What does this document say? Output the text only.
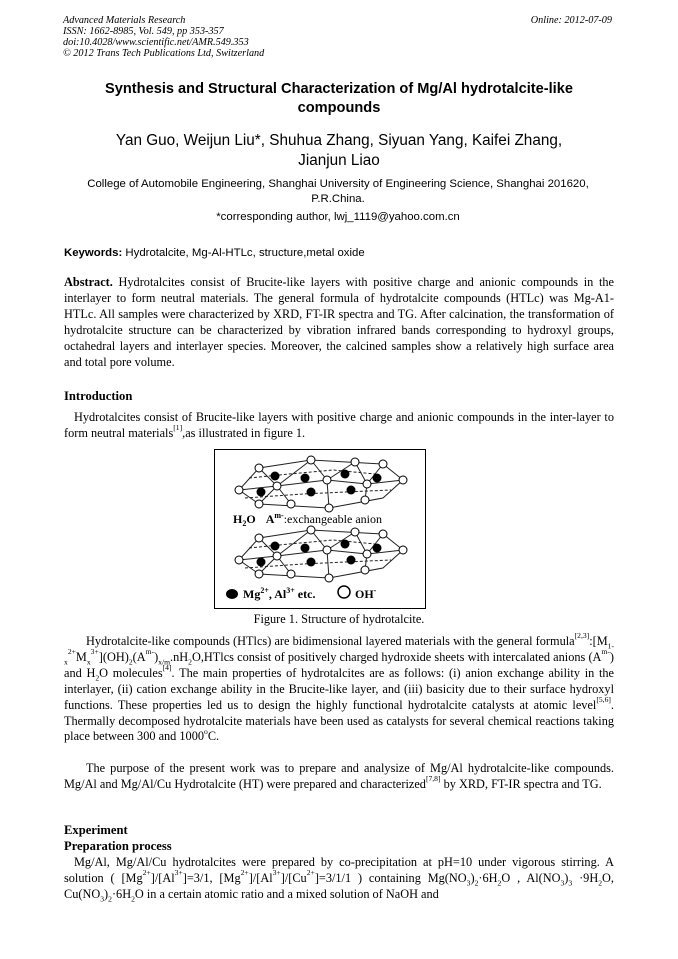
Advanced Materials Research
ISSN: 1662-8985, Vol. 549, pp 353-357
doi:10.4028/www.scientific.net/AMR.549.353
© 2012 Trans Tech Publications Ltd, Switzerland
Online: 2012-07-09
Synthesis and Structural Characterization of Mg/Al hydrotalcite-like
compounds
Yan Guo, Weijun Liu*, Shuhua Zhang, Siyuan Yang, Kaifei Zhang,
Jianjun Liao
College of Automobile Engineering, Shanghai University of Engineering Science, Shanghai 201620,
P.R.China.
*corresponding author, lwj_1119@yahoo.com.cn
Keywords: Hydrotalcite, Mg-Al-HTLc, structure,metal oxide
Abstract. Hydrotalcites consist of Brucite-like layers with positive charge and anionic compounds in the interlayer to form neutral materials. The general formula of hydrotalcite compounds (HTLc) was Mg-A1-HTLc. All samples were characterized by XRD, FT-IR spectra and TG. After calcination, the transformation of hydrotalcite structure can be characterized by vibration infrared bands corresponding to hydroxyl groups, octahedral layers and interlayer species. Moreover, the calcined samples show a relatively high surface area and total pore volume.
Introduction
Hydrotalcites consist of Brucite-like layers with positive charge and anionic compounds in the inter-layer to form neutral materials[1],as illustrated in figure 1.
$H_2O$ $A^{m-}:exchangeable$ anion
$Mg^{2+}$, $Al^{3+}$ etc.	OH-
Figure 1. Structure of hydrotalcite.
Hydrotalcite-like compounds (HTlcs) are bidimensional layered materials with the general $formula[2,3]:[M_{1-x}^{2+}M_x^{3+}](OH)_2(A^{m-})_{x/m}.nH_2O,HTlcs$ consist of positively charged hydroxide sheets with intercalated anions $(A^{m-})$ and $H_2O$ molecules[4]. The main properties of hydrotalcites are as follows: (i) anion exchange ability in the interlayer, (ii) cation exchange ability in the Brucite-like layer, and (iii) basicity due to their surface hydroxyl functions. These properties led us to design the highly functional hydrotalcite catalysts at atomic level[5,6]. Thermally decomposed hydrotalcite materials have been used as catalysts for several chemical reactions taking place between 300 and 1000$^o$C.
The purpose of the present work was to prepare and analysize of Mg/Al hydrotalcite-like compounds. Mg/Al and Mg/Al/Cu Hydrotalcite (HT) were prepared and characterized[7,8] by XRD, FT-IR spectra and TG.
Experiment
Preparation process
Mg/Al, Mg/Al/Cu hydrotalcites were prepared by co-precipitation at pH=10 under vigorous stirring. A solution ( $[Mg^{2+}]/[Al^{3+}]=3/1$, $[Mg^{2+}]/[Al^{3+}]/[Cu^{2+}]=3/1/1$ ) containing $Mg(NO_3)_2\cdot 6H_2O$ , $Al(NO_3)_3 \cdot 9H_2O$, $Cu(NO_3)_2\cdot 6H_2O$ in a certain atomic ratio and a mixed solution of NaOH and
